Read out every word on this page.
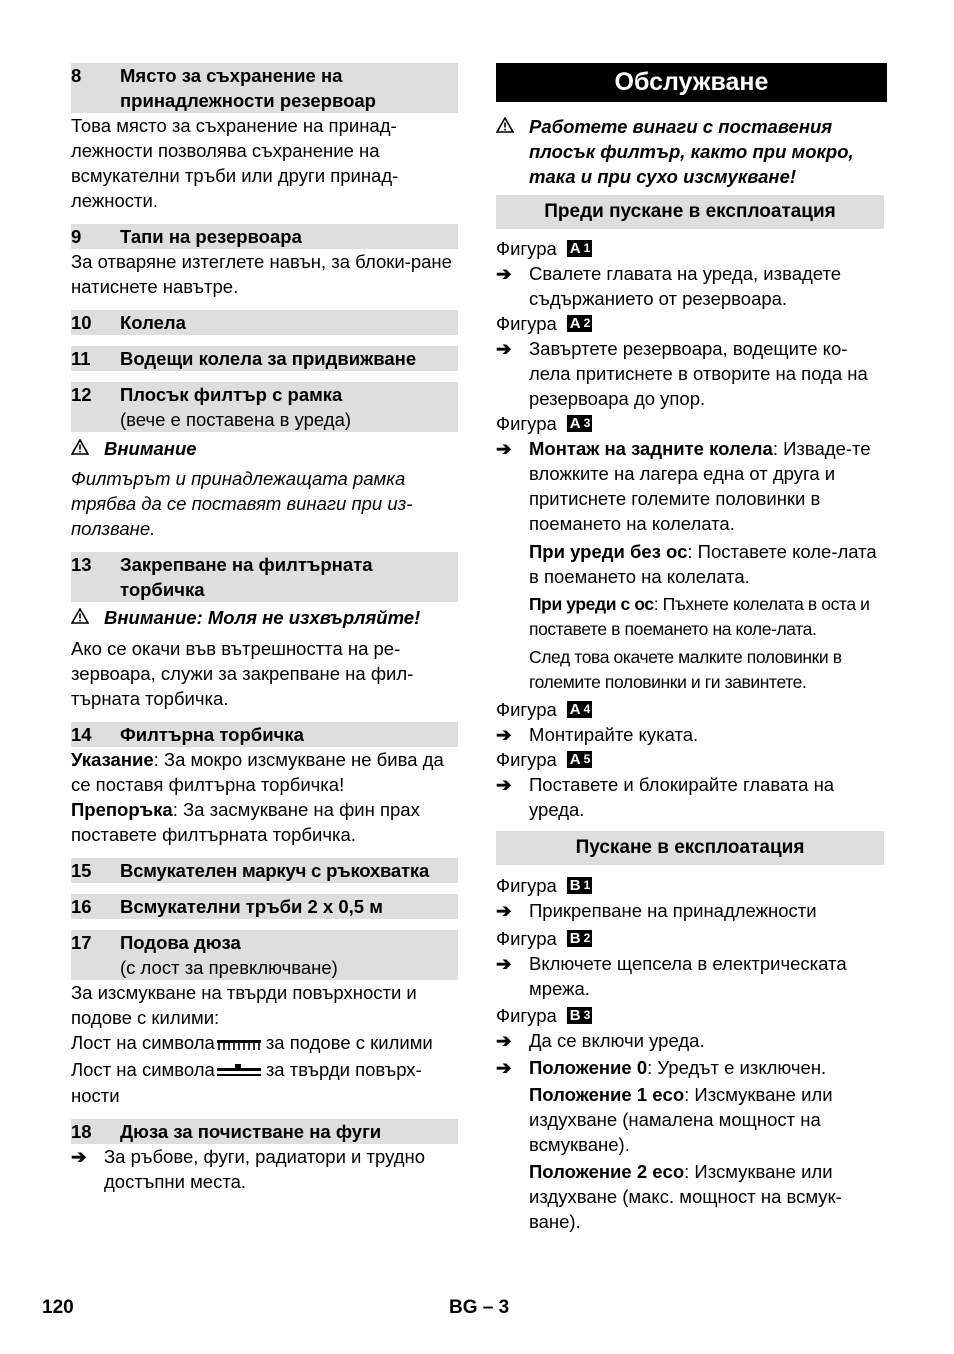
8	Място за съхранение на принадлежности резервоар

Това място за съхранение на принад-лежности позволява съхранение на всмукателни тръби или други принад-лежности.

9	Тапи на резервоара

За отваряне изтеглете навън, за блоки-ране натиснете навътре.

10	Колела
11	Водещи колела за придвижване
12	Плосък филтър с рамка
(вече е поставена в уреда)
Внимание

Филтърът и принадлежащата рамка трябва да се поставят винаги при из-ползване.

13	Закрепване на филтърната торбичка
Внимание: Моля не изхвърляйте!

Ако се окачи във вътрешността на ре-зервоара, служи за закрепване на фил-търната торбичка.

14	Филтърна торбичка

Указание: За мокро изсмукване не бива да се поставя филтърна торбичка!

Препоръка: За засмукване на фин прах поставете филтърната торбичка.

15	Всмукателен маркуч с ръкохватка
16	Всмукателни тръби 2 x 0,5 м
17	Подова дюза
(с лост за превключване)

За изсмукване на твърди повърхности и подове с килими:

Лост на символа	за подове с килими

Лост на символа	за твърди повърх-

ности

18	Дюза за почистване на фуги
➔ За ръбове, фуги, радиатори и трудно достъпни места.
Обслужване
Работете винаги с поставения плосък филтър, както при мокро, така и при сухо изсмукване!
Преди пускане в експлоатация
Фигура A 1
➔ Свалете главата на уреда, извадете съдържанието от резервоара.
Фигура A 2
➔ Завъртете резервоара, водещите ко-лела притиснете в отворите на пода на резервоара до упор.
Фигура A 3
➔ Монтаж на задните колела: Изваде-те вложките на лагера една от друга и притиснете големите половинки в поемането на колелата.

При уреди без ос: Поставете коле-лата в поемането на колелата.

При уреди с ос: Пъхнете колелата в оста и поставете в поемането на коле-лата.

След това окачете малките половинки в големите половинки и ги завинтете.

Фигура A 4
➔ Монтирайте куката.
Фигура A 5
➔ Поставете и блокирайте главата на уреда.
Пускане в експлоатация
Фигура B 1
➔ Прикрепване на принадлежности
Фигура B 2
➔ Включете щепсела в електрическата мрежа.
Фигура B 3
➔ Да се включи уреда.
➔ Положение 0: Уредът е изключен.

Положение 1 eco: Изсмукване или издухване (намалена мощност на всмукване).

Положение 2 eco: Изсмукване или издухване (макс. мощност на всмук-ване).

120	BG – 3
